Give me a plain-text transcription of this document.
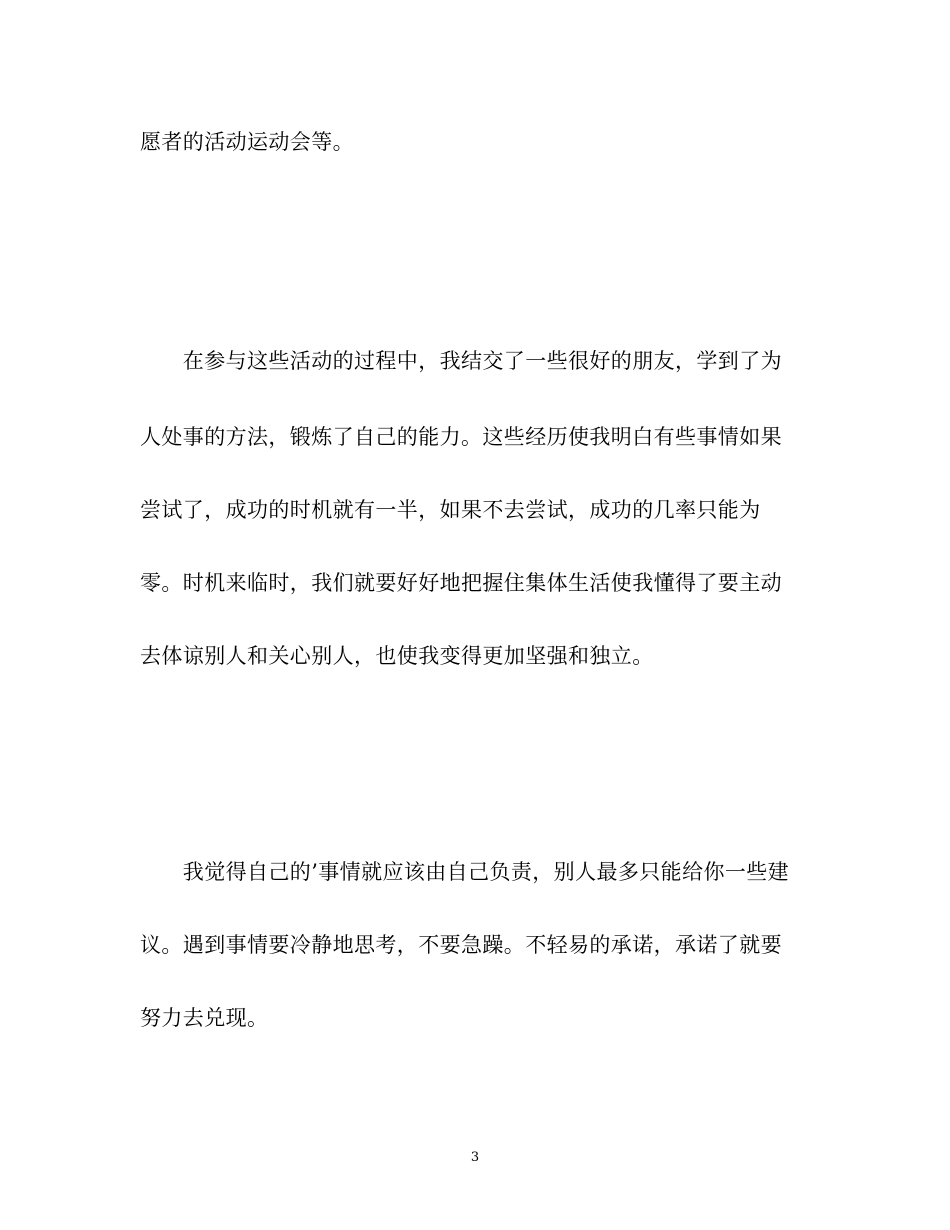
愿者的活动运动会等。
　　在参与这些活动的过程中，我结交了一些很好的朋友，学到了为
人处事的方法，锻炼了自己的能力。这些经历使我明白有些事情如果
尝试了，成功的时机就有一半，如果不去尝试，成功的几率只能为
零。时机来临时，我们就要好好地把握住集体生活使我懂得了要主动
去体谅别人和关心别人，也使我变得更加坚强和独立。
　　我觉得自己的’事情就应该由自己负责，别人最多只能给你一些建
议。遇到事情要冷静地思考，不要急躁。不轻易的承诺，承诺了就要
努力去兑现。
3
